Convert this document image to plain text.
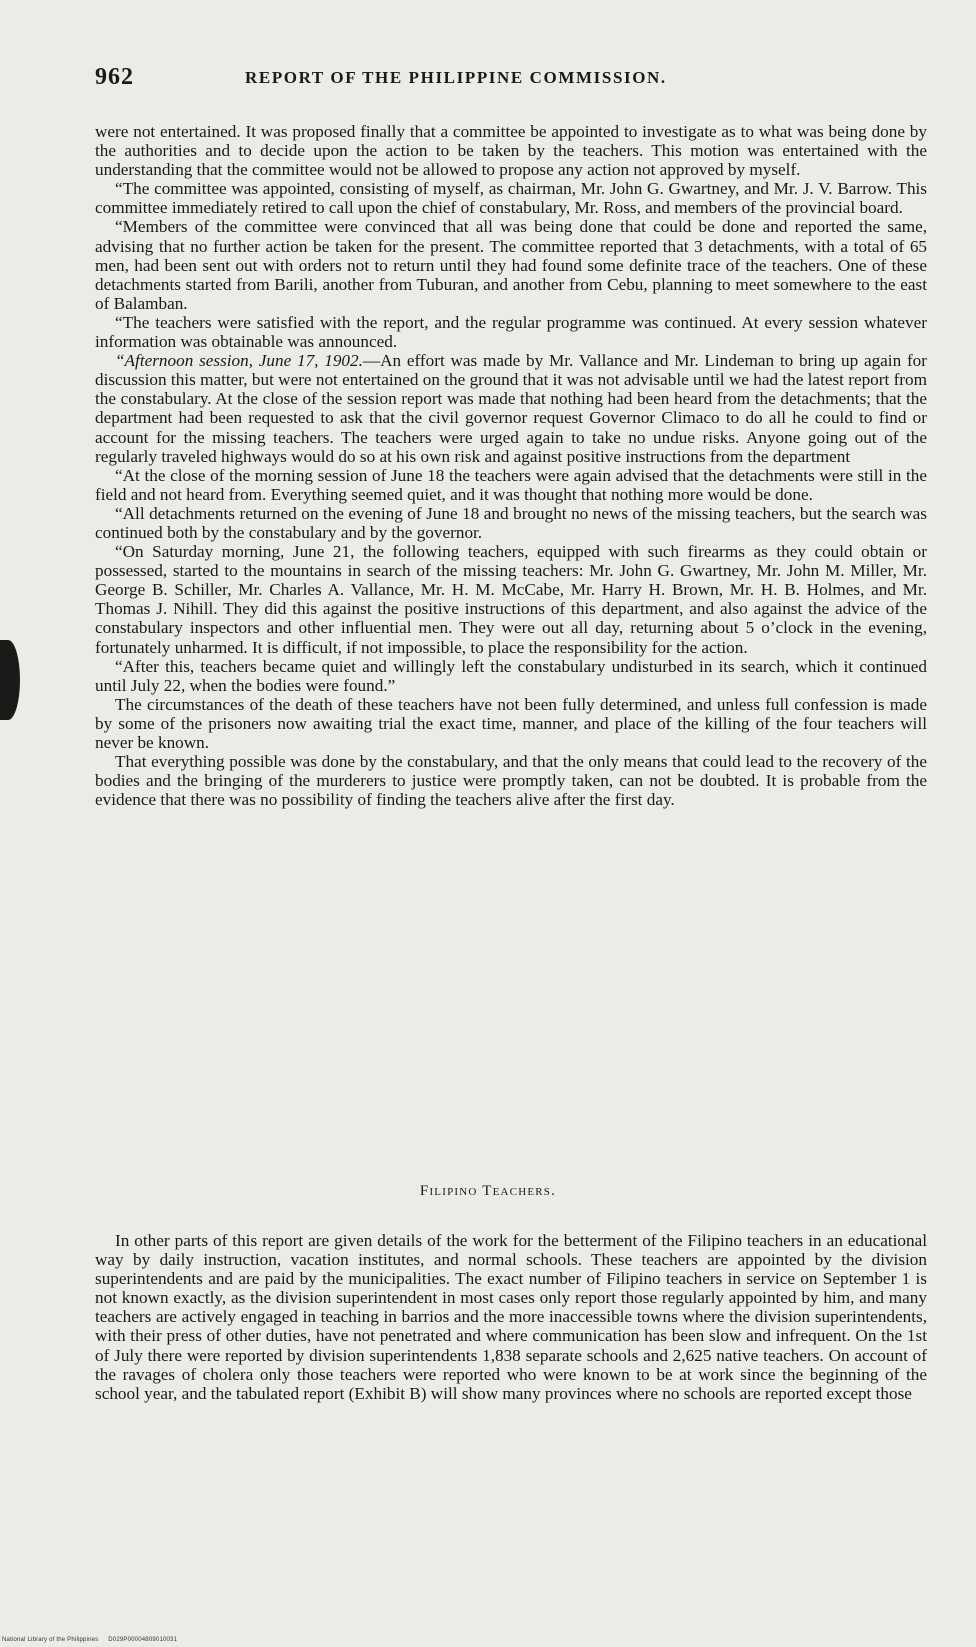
962	REPORT OF THE PHILIPPINE COMMISSION.

were not entertained. It was proposed finally that a committee be appointed to investigate as to what was being done by the authorities and to decide upon the action to be taken by the teachers. This motion was entertained with the understanding that the committee would not be allowed to propose any action not approved by myself.

“The committee was appointed, consisting of myself, as chairman, Mr. John G. Gwartney, and Mr. J. V. Barrow. This committee immediately retired to call upon the chief of constabulary, Mr. Ross, and members of the provincial board.

“Members of the committee were convinced that all was being done that could be done and reported the same, advising that no further action be taken for the present. The committee reported that 3 detachments, with a total of 65 men, had been sent out with orders not to return until they had found some definite trace of the teachers. One of these detachments started from Barili, another from Tuburan, and another from Cebu, planning to meet somewhere to the east of Balamban.

“The teachers were satisfied with the report, and the regular programme was continued. At every session whatever information was obtainable was announced.

“Afternoon session, June 17, 1902.—An effort was made by Mr. Vallance and Mr. Lindeman to bring up again for discussion this matter, but were not entertained on the ground that it was not advisable until we had the latest report from the constabulary. At the close of the session report was made that nothing had been heard from the detachments; that the department had been requested to ask that the civil governor request Governor Climaco to do all he could to find or account for the missing teachers. The teachers were urged again to take no undue risks. Anyone going out of the regularly traveled highways would do so at his own risk and against positive instructions from the department

“At the close of the morning session of June 18 the teachers were again advised that the detachments were still in the field and not heard from. Everything seemed quiet, and it was thought that nothing more would be done.

“All detachments returned on the evening of June 18 and brought no news of the missing teachers, but the search was continued both by the constabulary and by the governor.

“On Saturday morning, June 21, the following teachers, equipped with such firearms as they could obtain or possessed, started to the mountains in search of the missing teachers: Mr. John G. Gwartney, Mr. John M. Miller, Mr. George B. Schiller, Mr. Charles A. Vallance, Mr. H. M. McCabe, Mr. Harry H. Brown, Mr. H. B. Holmes, and Mr. Thomas J. Nihill. They did this against the positive instructions of this department, and also against the advice of the constabulary inspectors and other influential men. They were out all day, returning about 5 o’clock in the evening, fortunately unharmed. It is difficult, if not impossible, to place the responsibility for the action.

“After this, teachers became quiet and willingly left the constabulary undisturbed in its search, which it continued until July 22, when the bodies were found.”

The circumstances of the death of these teachers have not been fully determined, and unless full confession is made by some of the prisoners now awaiting trial the exact time, manner, and place of the killing of the four teachers will never be known.

That everything possible was done by the constabulary, and that the only means that could lead to the recovery of the bodies and the bringing of the murderers to justice were promptly taken, can not be doubted. It is probable from the evidence that there was no possibility of finding the teachers alive after the first day.

Filipino Teachers.

In other parts of this report are given details of the work for the betterment of the Filipino teachers in an educational way by daily instruction, vacation institutes, and normal schools. These teachers are appointed by the division superintendents and are paid by the municipalities. The exact number of Filipino teachers in service on September 1 is not known exactly, as the division superintendent in most cases only report those regularly appointed by him, and many teachers are actively engaged in teaching in barrios and the more inaccessible towns where the division superintendents, with their press of other duties, have not penetrated and where communication has been slow and infrequent. On the 1st of July there were reported by division superintendents 1,838 separate schools and 2,625 native teachers. On account of the ravages of cholera only those teachers were reported who were known to be at work since the beginning of the school year, and the tabulated report (Exhibit B) will show many provinces where no schools are reported except those

National Library of the Philippines D029P00004809010031
